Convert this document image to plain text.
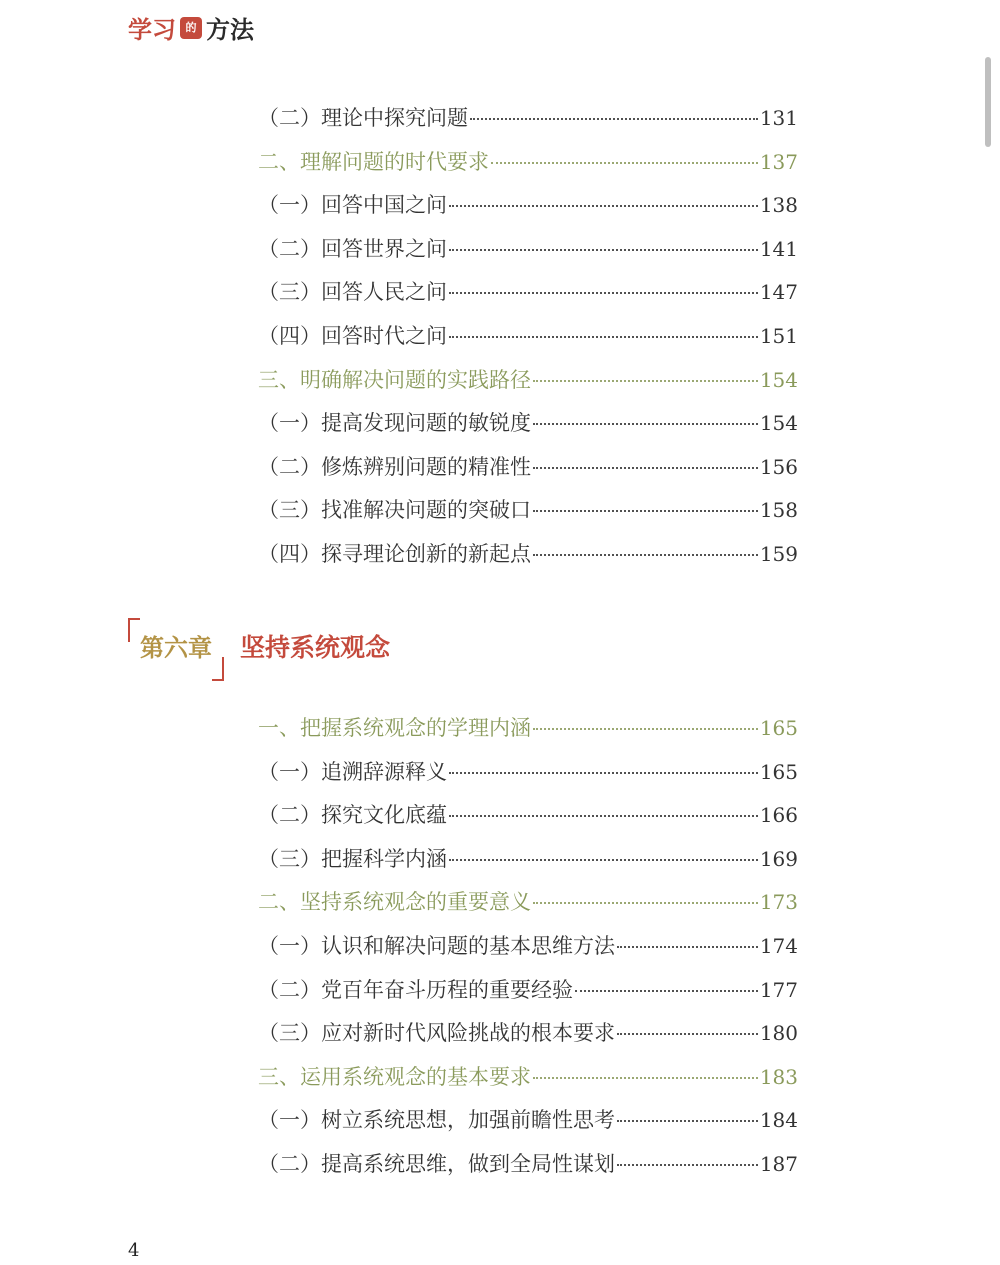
学习 的 方法
（二） 理论中探究问题	131
二、 理解问题的时代要求	137
（一） 回答中国之问	138
（二） 回答世界之问	141
（三） 回答人民之问	147
（四） 回答时代之问	151
三、 明确解决问题的实践路径	154
（一） 提高发现问题的敏锐度	154
（二） 修炼辨别问题的精准性	156
（三） 找准解决问题的突破口	158
（四） 探寻理论创新的新起点	159
第六章	坚持系统观念
一、 把握系统观念的学理内涵	165
（一） 追溯辞源释义	165
（二） 探究文化底蕴	166
（三） 把握科学内涵	169
二、 坚持系统观念的重要意义	173
（一） 认识和解决问题的基本思维方法	174
（二） 党百年奋斗历程的重要经验	177
（三） 应对新时代风险挑战的根本要求	180
三、 运用系统观念的基本要求	183
（一） 树立系统思想，加强前瞻性思考	184
（二） 提高系统思维，做到全局性谋划	187
4
